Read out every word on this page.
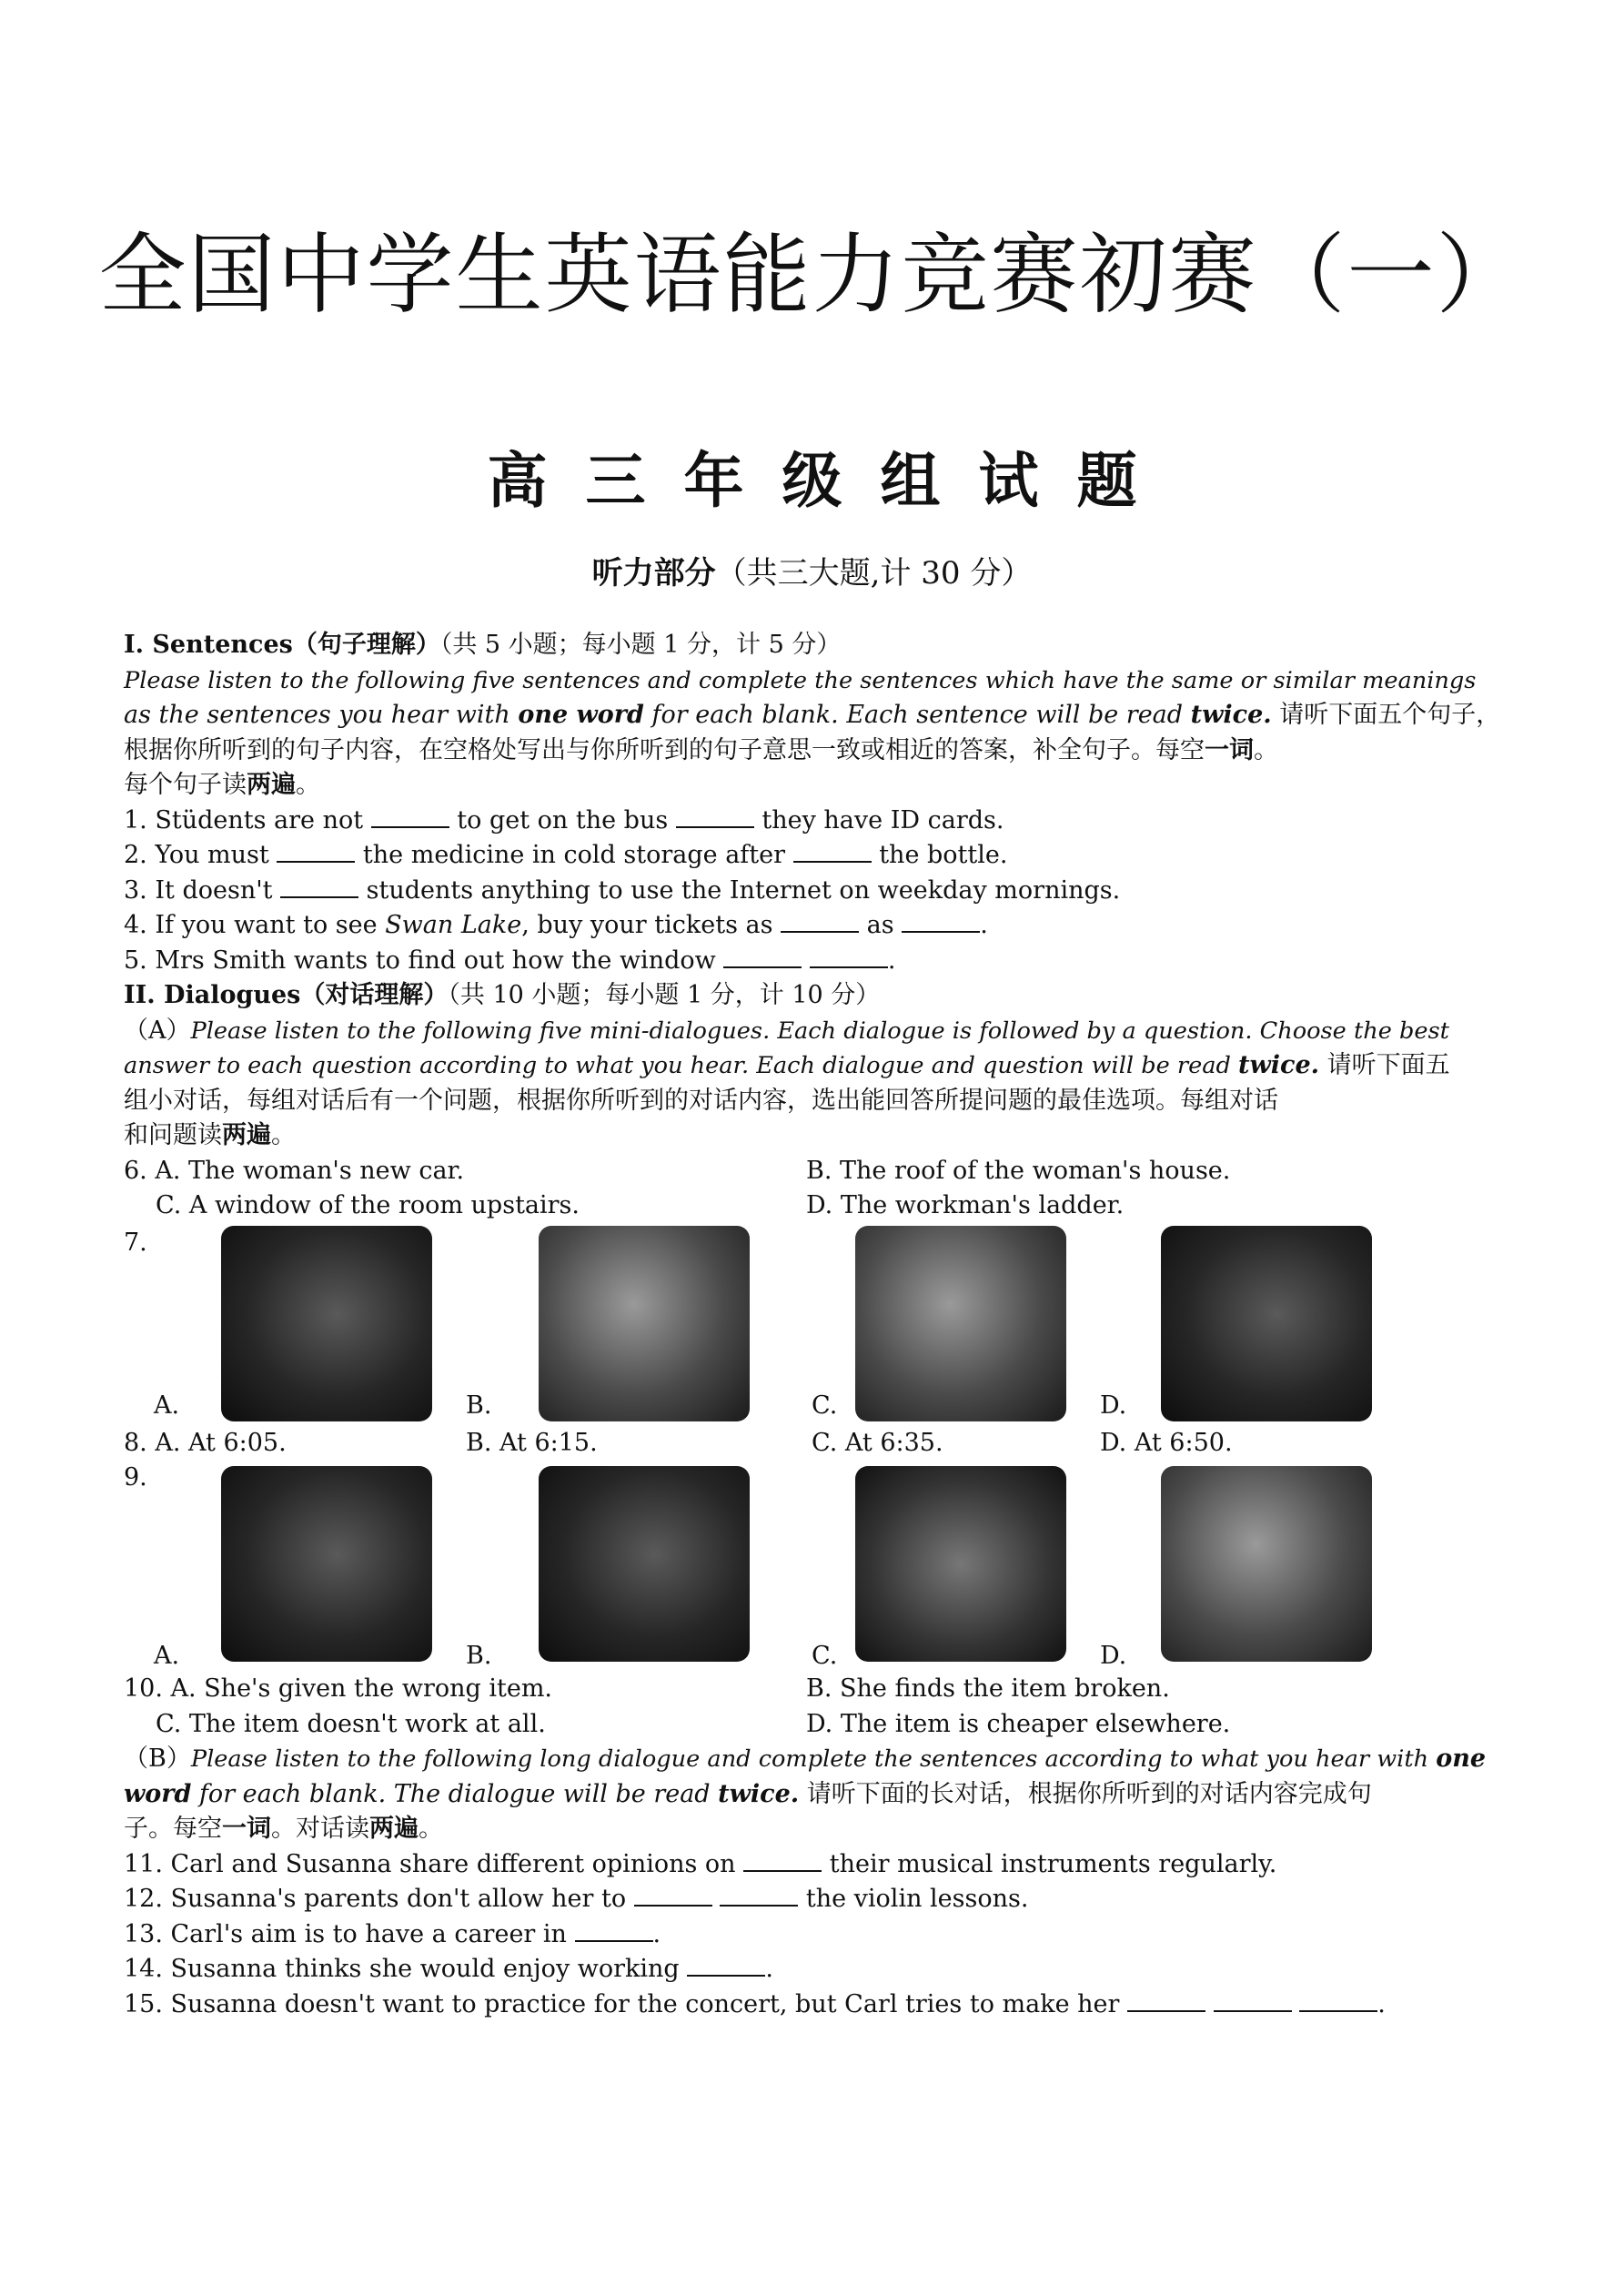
全国中学生英语能力竞赛初赛（一）
高三年级组试题
听力部分（共三大题,计 30 分）
I. Sentences（句子理解）（共 5 小题；每小题 1 分，计 5 分）
Please listen to the following five sentences and complete the sentences which have the same or similar meanings
as the sentences you hear with one word for each blank. Each sentence will be read twice. 请听下面五个句子，
根据你所听到的句子内容，在空格处写出与你所听到的句子意思一致或相近的答案，补全句子。每空一词。
每个句子读两遍。
1. Stüdents are not	to get on the bus	they have ID cards.
2. You must	the medicine in cold storage after	the bottle.
3. It doesn't	students anything to use the Internet on weekday mornings.
4. If you want to see Swan Lake, buy your tickets as	as	.
5. Mrs Smith wants to find out how the window	.
II. Dialogues（对话理解）（共 10 小题；每小题 1 分，计 10 分）
（A）Please listen to the following five mini-dialogues. Each dialogue is followed by a question. Choose the best
answer to each question according to what you hear. Each dialogue and question will be read twice. 请听下面五
组小对话，每组对话后有一个问题，根据你所听到的对话内容，选出能回答所提问题的最佳选项。每组对话
和问题读两遍。
6. A. The woman's new car.	B. The roof of the woman's house.
C. A window of the room upstairs.	D. The workman's ladder.
7.
A.	B.	C.	D.
8. A. At 6:05.	B. At 6:15.	C. At 6:35.	D. At 6:50.
9.
A.	B.	C.	D.
10. A. She's given the wrong item.	B. She finds the item broken.
C. The item doesn't work at all.	D. The item is cheaper elsewhere.
（B）Please listen to the following long dialogue and complete the sentences according to what you hear with one
word for each blank. The dialogue will be read twice. 请听下面的长对话，根据你所听到的对话内容完成句
子。每空一词。对话读两遍。
11. Carl and Susanna share different opinions on	their musical instruments regularly.
12. Susanna's parents don't allow her to	the violin lessons.
13. Carl's aim is to have a career in	.
14. Susanna thinks she would enjoy working	.
15. Susanna doesn't want to practice for the concert, but Carl tries to make her	.
